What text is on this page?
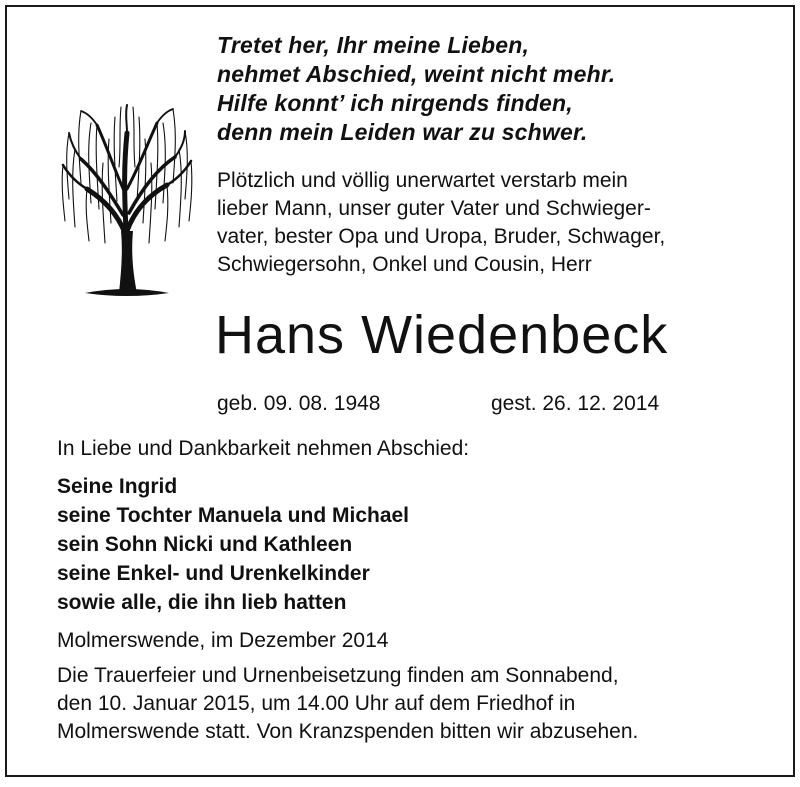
Tretet her, Ihr meine Lieben,
nehmet Abschied, weint nicht mehr.
Hilfe konnt’ ich nirgends finden,
denn mein Leiden war zu schwer.
Plötzlich und völlig unerwartet verstarb mein
lieber Mann, unser guter Vater und Schwieger-
vater, bester Opa und Uropa, Bruder, Schwager,
Schwiegersohn, Onkel und Cousin, Herr
Hans Wiedenbeck
geb. 09. 08. 1948	gest. 26. 12. 2014
In Liebe und Dankbarkeit nehmen Abschied:
Seine Ingrid
seine Tochter Manuela und Michael
sein Sohn Nicki und Kathleen
seine Enkel- und Urenkelkinder
sowie alle, die ihn lieb hatten
Molmerswende, im Dezember 2014
Die Trauerfeier und Urnenbeisetzung finden am Sonnabend,
den 10. Januar 2015, um 14.00 Uhr auf dem Friedhof in
Molmerswende statt. Von Kranzspenden bitten wir abzusehen.
